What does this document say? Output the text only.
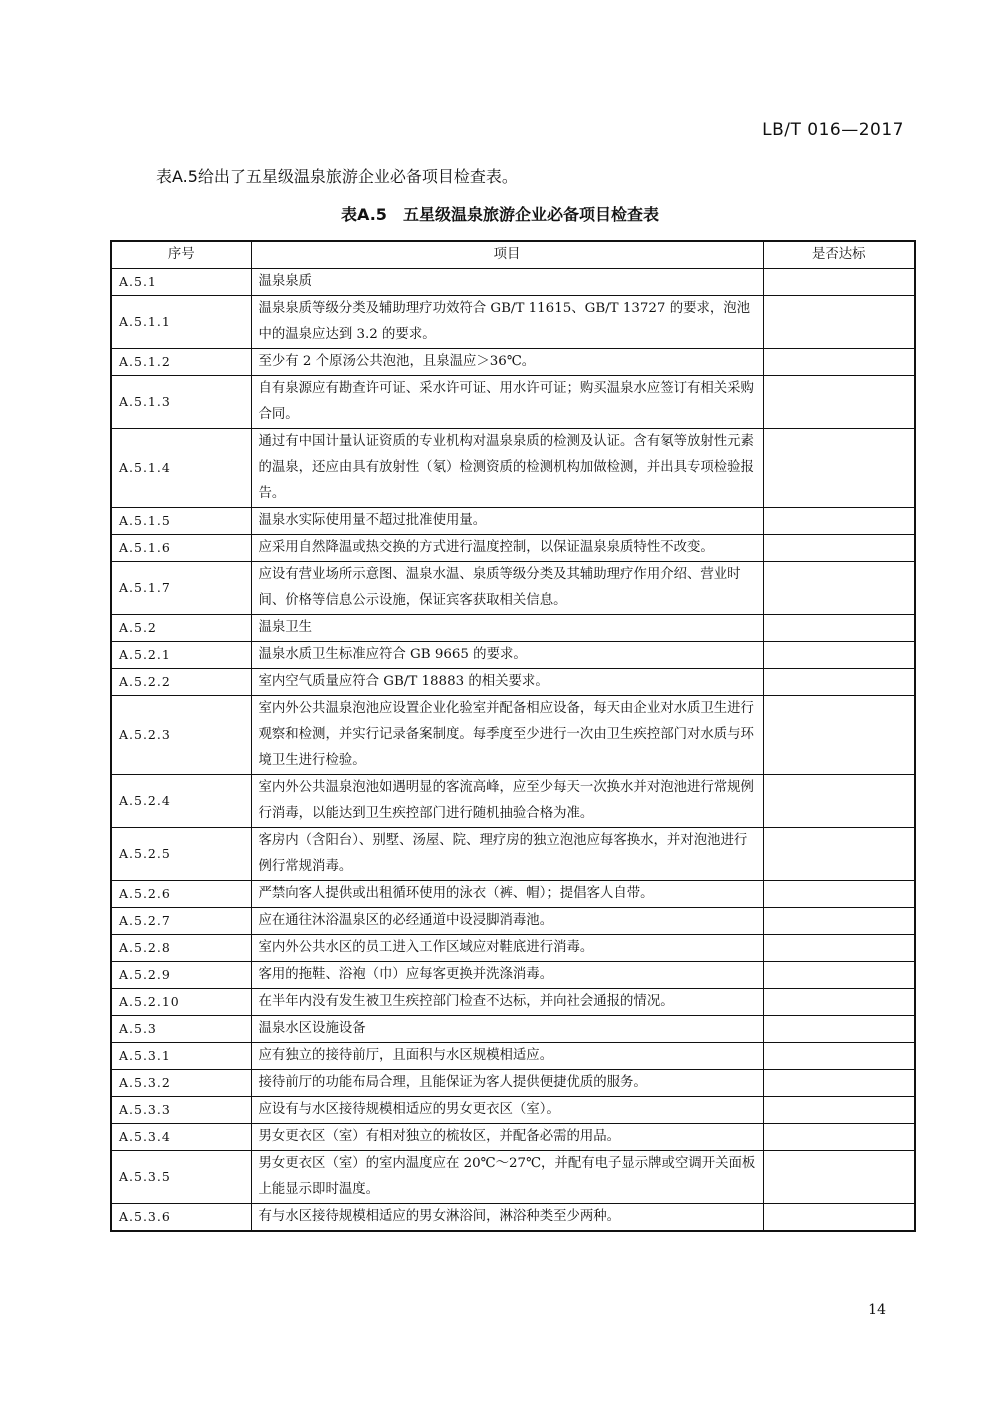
LB/T 016—2017
表A.5给出了五星级温泉旅游企业必备项目检查表。
表A.5　五星级温泉旅游企业必备项目检查表
序号	项目	是否达标
A.5.1	温泉泉质	
A.5.1.1	温泉泉质等级分类及辅助理疗功效符合 GB/T 11615、GB/T 13727 的要求，泡池中的温泉应达到 3.2 的要求。	
A.5.1.2	至少有 2 个原汤公共泡池，且泉温应＞36℃。	
A.5.1.3	自有泉源应有勘查许可证、采水许可证、用水许可证；购买温泉水应签订有相关采购合同。	
A.5.1.4	通过有中国计量认证资质的专业机构对温泉泉质的检测及认证。含有氡等放射性元素的温泉，还应由具有放射性（氡）检测资质的检测机构加做检测，并出具专项检验报告。	
A.5.1.5	温泉水实际使用量不超过批准使用量。	
A.5.1.6	应采用自然降温或热交换的方式进行温度控制，以保证温泉泉质特性不改变。	
A.5.1.7	应设有营业场所示意图、温泉水温、泉质等级分类及其辅助理疗作用介绍、营业时间、价格等信息公示设施，保证宾客获取相关信息。	
A.5.2	温泉卫生	
A.5.2.1	温泉水质卫生标准应符合 GB 9665 的要求。	
A.5.2.2	室内空气质量应符合 GB/T 18883 的相关要求。	
A.5.2.3	室内外公共温泉泡池应设置企业化验室并配备相应设备，每天由企业对水质卫生进行观察和检测，并实行记录备案制度。每季度至少进行一次由卫生疾控部门对水质与环境卫生进行检验。	
A.5.2.4	室内外公共温泉泡池如遇明显的客流高峰，应至少每天一次换水并对泡池进行常规例行消毒，以能达到卫生疾控部门进行随机抽验合格为准。	
A.5.2.5	客房内（含阳台）、别墅、汤屋、院、理疗房的独立泡池应每客换水，并对泡池进行例行常规消毒。	
A.5.2.6	严禁向客人提供或出租循环使用的泳衣（裤、帽）；提倡客人自带。	
A.5.2.7	应在通往沐浴温泉区的必经通道中设浸脚消毒池。	
A.5.2.8	室内外公共水区的员工进入工作区域应对鞋底进行消毒。	
A.5.2.9	客用的拖鞋、浴袍（巾）应每客更换并洗涤消毒。	
A.5.2.10	在半年内没有发生被卫生疾控部门检查不达标，并向社会通报的情况。	
A.5.3	温泉水区设施设备	
A.5.3.1	应有独立的接待前厅，且面积与水区规模相适应。	
A.5.3.2	接待前厅的功能布局合理，且能保证为客人提供便捷优质的服务。	
A.5.3.3	应设有与水区接待规模相适应的男女更衣区（室）。	
A.5.3.4	男女更衣区（室）有相对独立的梳妆区，并配备必需的用品。	
A.5.3.5	男女更衣区（室）的室内温度应在 20℃～27℃，并配有电子显示牌或空调开关面板上能显示即时温度。	
A.5.3.6	有与水区接待规模相适应的男女淋浴间，淋浴种类至少两种。	
14
